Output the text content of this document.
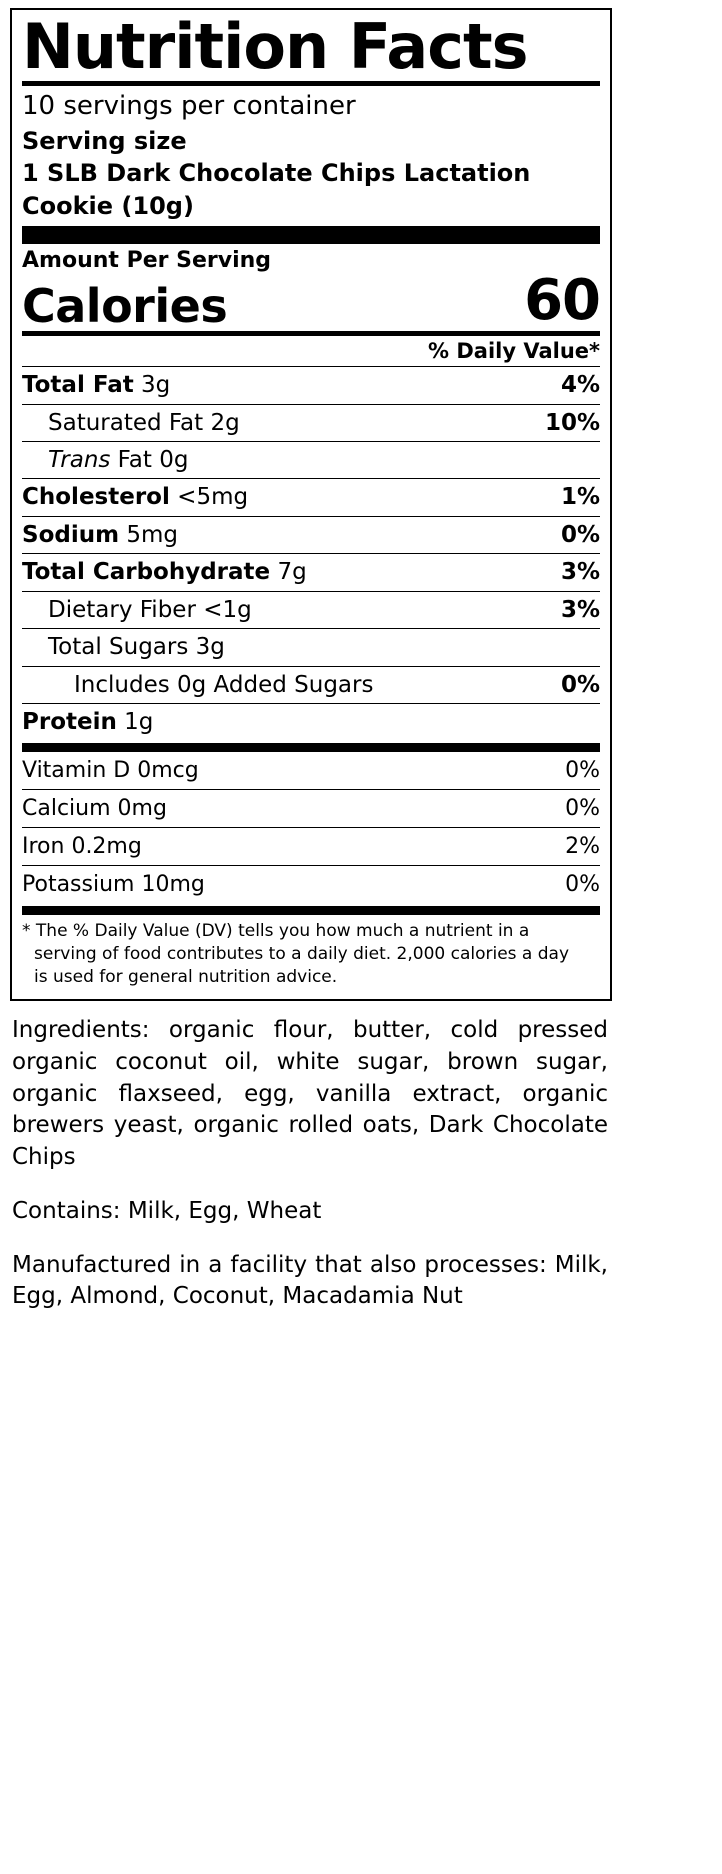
Nutrition Facts
10 servings per container
Serving size
1 SLB Dark Chocolate Chips Lactation Cookie (10g)
Amount Per Serving
Calories	60
% Daily Value*
Total Fat 3g	4%
Saturated Fat 2g	10%
Trans Fat 0g
Cholesterol <5mg	1%
Sodium 5mg	0%
Total Carbohydrate 7g	3%
Dietary Fiber <1g	3%
Total Sugars 3g
Includes 0g Added Sugars	0%
Protein 1g
Vitamin D 0mcg	0%
Calcium 0mg	0%
Iron 0.2mg	2%
Potassium 10mg	0%
* The % Daily Value (DV) tells you how much a nutrient in a
serving of food contributes to a daily diet. 2,000 calories a day
is used for general nutrition advice.

Ingredients: organic flour, butter, cold pressed organic coconut oil, white sugar, brown sugar, organic flaxseed, egg, vanilla extract, organic brewers yeast, organic rolled oats, Dark Chocolate Chips

Contains: Milk, Egg, Wheat

Manufactured in a facility that also processes: Milk, Egg, Almond, Coconut, Macadamia Nut
